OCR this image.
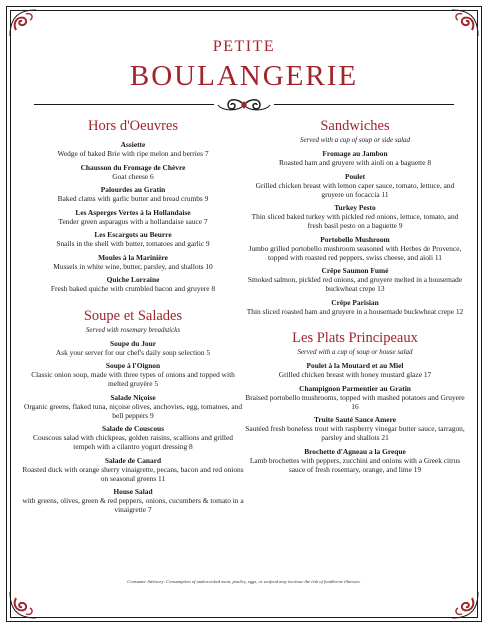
PETITE
BOULANGERIE
Hors d'Oeuvres
Assiette
Wedge of baked Brie with ripe melon and berries 7
Chausson du Fromage de Chèvre
Goat cheese 6
Palourdes au Gratin
Baked clams with garlic butter and bread crumbs 9
Les Asperges Vertes à la Hollandaise
Tender green asparagus with a hollandaise sauce 7
Les Escargots au Beurre
Snails in the shell with butter, tomatoes and garlic 9
Moules à la Marinière
Mussels in white wine, butter, parsley, and shallots 10
Quiche Lorraine
Fresh baked quiche with crumbled bacon and gruyere 8
Soupe et Salades
Served with rosemary breadsticks
Soupe du Jour
Ask your server for our chef's daily soup selection 5
Soupe à l'Oignon
Classic onion soup, made with three types of onions and topped with melted gruyère 5
Salade Niçoise
Organic greens, flaked tuna, niçoise olives, anchovies, egg, tomatoes, and bell peppers 9
Salade de Couscous
Couscous salad with chickpeas, golden raisins, scallions and grilled tempeh with a cilantro yogurt dressing 8
Salade de Canard
Roasted duck with orange sherry vinaigrette, pecans, bacon and red onions on seasonal greens 11
House Salad
with greens, olives, green & red peppers, onions, cucumbers & tomato in a vinaigrette 7
Sandwiches
Served with a cup of soup or side salad
Fromage au Jambon
Roasted ham and gruyere with aioli on a baguette 8
Poulet
Grilled chicken breast with lemon caper sauce, tomato, lettuce, and gruyere on focaccia 11
Turkey Pesto
Thin sliced baked turkey with pickled red onions, lettuce, tomato, and fresh basil pesto on a baguette 9
Portobello Mushroom
Jumbo grilled portobello mushroom seasoned with Herbes de Provence, topped with roasted red peppers, swiss cheese, and aioli 11
Crêpe Saumon Fumé
Smoked salmon, pickled red onions, and gruyere melted in a housemade buckwheat crepe 13
Crêpe Parisian
Thin sliced roasted ham and gruyere in a housemade buckwheat crepe 12
Les Plats Principeaux
Served with a cup of soup or house salad
Poulet à la Moutard et au Miel
Grilled chicken breast with honey mustard glaze 17
Champignon Parmentier au Gratin
Braised portobello mushrooms, topped with mashed potatoes and Gruyere 16
Truite Sauté Sauce Amere
Sautéed fresh boneless trout with raspberry vinegar butter sauce, tarragon, parsley and shallots 21
Brochette d'Agneau a la Greque
Lamb brochettes with peppers, zucchini and onions with a Greek citrus sauce of fresh rosemary, orange, and lime 19
Consumer Advisory: Consumption of undercooked meat, poultry, eggs, or seafood may increase the risk of foodborne illnesses.
